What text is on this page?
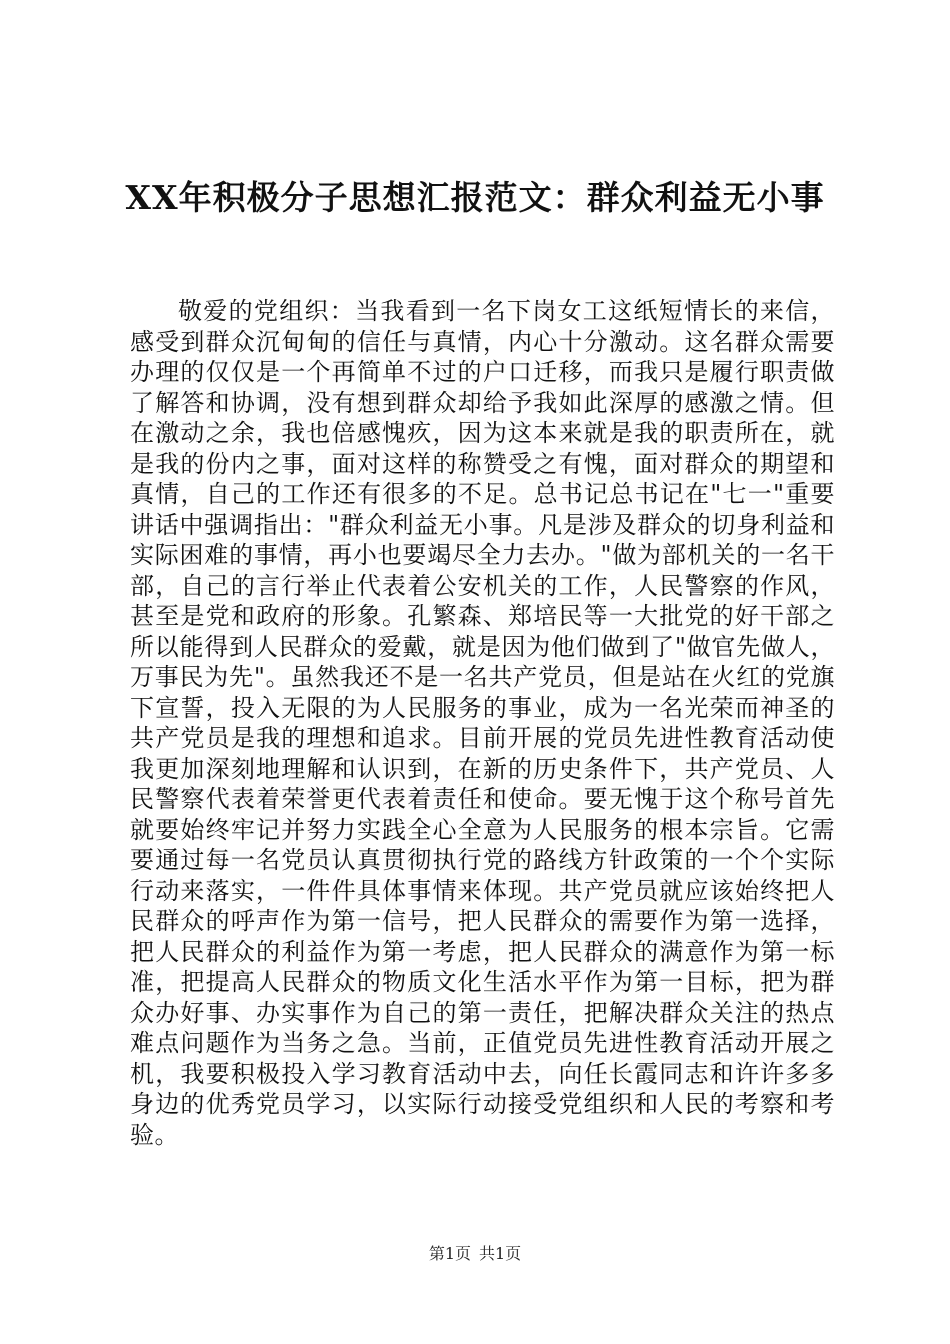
XX年积极分子思想汇报范文：群众利益无小事

敬爱的党组织：当我看到一名下岗女工这纸短情长的来信，感受到群众沉甸甸的信任与真情，内心十分激动。这名群众需要办理的仅仅是一个再简单不过的户口迁移，而我只是履行职责做了解答和协调，没有想到群众却给予我如此深厚的感激之情。但在激动之余，我也倍感愧疚，因为这本来就是我的职责所在，就是我的份内之事，面对这样的称赞受之有愧，面对群众的期望和真情，自己的工作还有很多的不足。总书记总书记在"七一"重要讲话中强调指出："群众利益无小事。凡是涉及群众的切身利益和实际困难的事情，再小也要竭尽全力去办。"做为部机关的一名干部，自己的言行举止代表着公安机关的工作，人民警察的作风，甚至是党和政府的形象。孔繁森、郑培民等一大批党的好干部之所以能得到人民群众的爱戴，就是因为他们做到了"做官先做人，万事民为先"。虽然我还不是一名共产党员，但是站在火红的党旗下宣誓，投入无限的为人民服务的事业，成为一名光荣而神圣的共产党员是我的理想和追求。目前开展的党员先进性教育活动使我更加深刻地理解和认识到，在新的历史条件下，共产党员、人民警察代表着荣誉更代表着责任和使命。要无愧于这个称号首先就要始终牢记并努力实践全心全意为人民服务的根本宗旨。它需要通过每一名党员认真贯彻执行党的路线方针政策的一个个实际行动来落实，一件件具体事情来体现。共产党员就应该始终把人民群众的呼声作为第一信号，把人民群众的需要作为第一选择，把人民群众的利益作为第一考虑，把人民群众的满意作为第一标准，把提高人民群众的物质文化生活水平作为第一目标，把为群众办好事、办实事作为自己的第一责任，把解决群众关注的热点难点问题作为当务之急。当前，正值党员先进性教育活动开展之机，我要积极投入学习教育活动中去，向任长霞同志和许许多多身边的优秀党员学习，以实际行动接受党组织和人民的考察和考验。

第1页 共1页
